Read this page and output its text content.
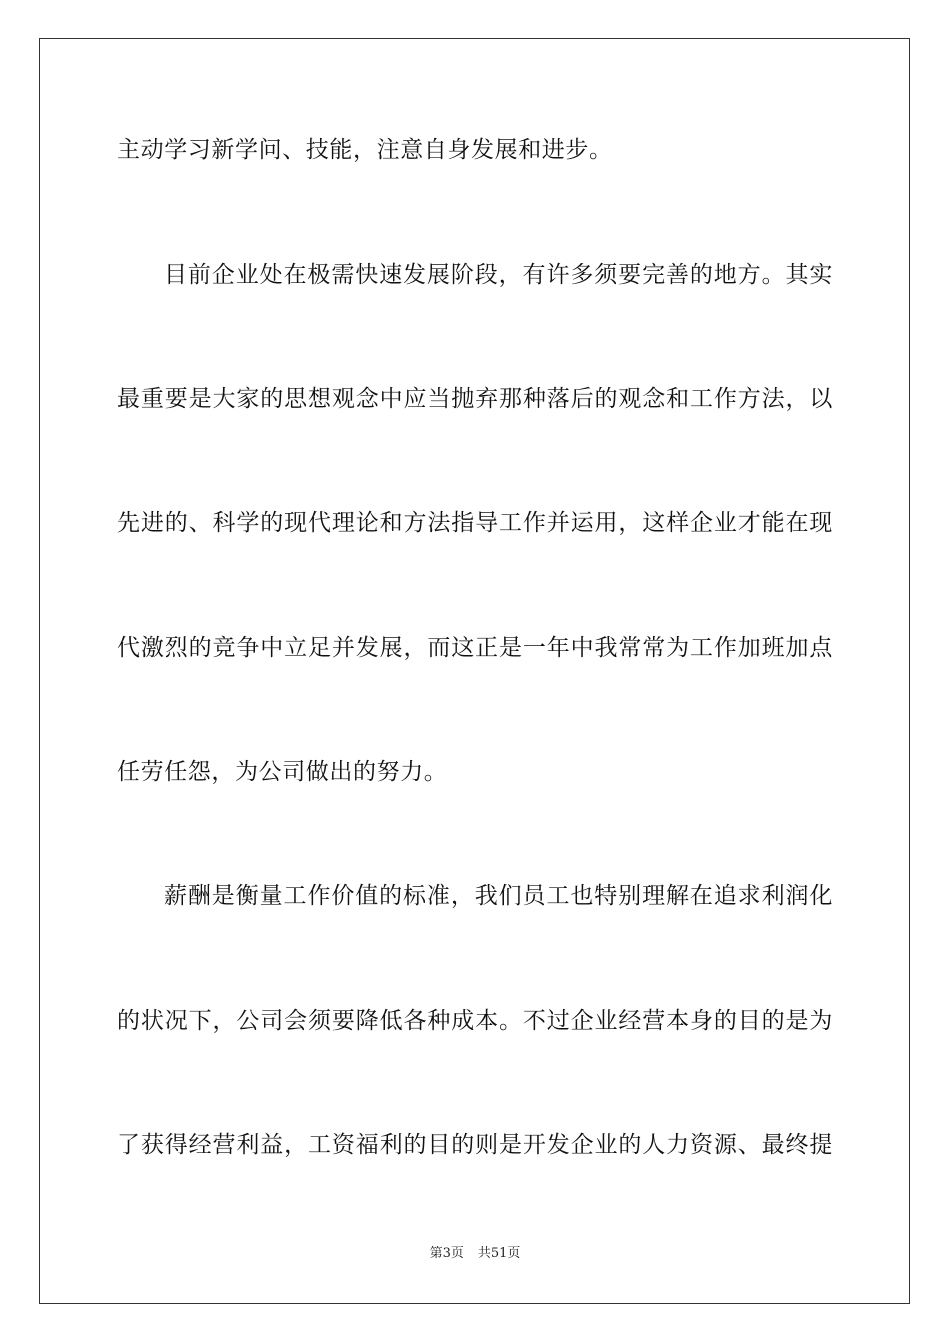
主动学习新学问、技能，注意自身发展和进步。
目前企业处在极需快速发展阶段，有许多须要完善的地方。其实
最重要是大家的思想观念中应当抛弃那种落后的观念和工作方法，以
先进的、科学的现代理论和方法指导工作并运用，这样企业才能在现
代激烈的竞争中立足并发展，而这正是一年中我常常为工作加班加点
任劳任怨，为公司做出的努力。
薪酬是衡量工作价值的标准，我们员工也特别理解在追求利润化
的状况下，公司会须要降低各种成本。不过企业经营本身的目的是为
了获得经营利益，工资福利的目的则是开发企业的人力资源、最终提
第3页 共51页
